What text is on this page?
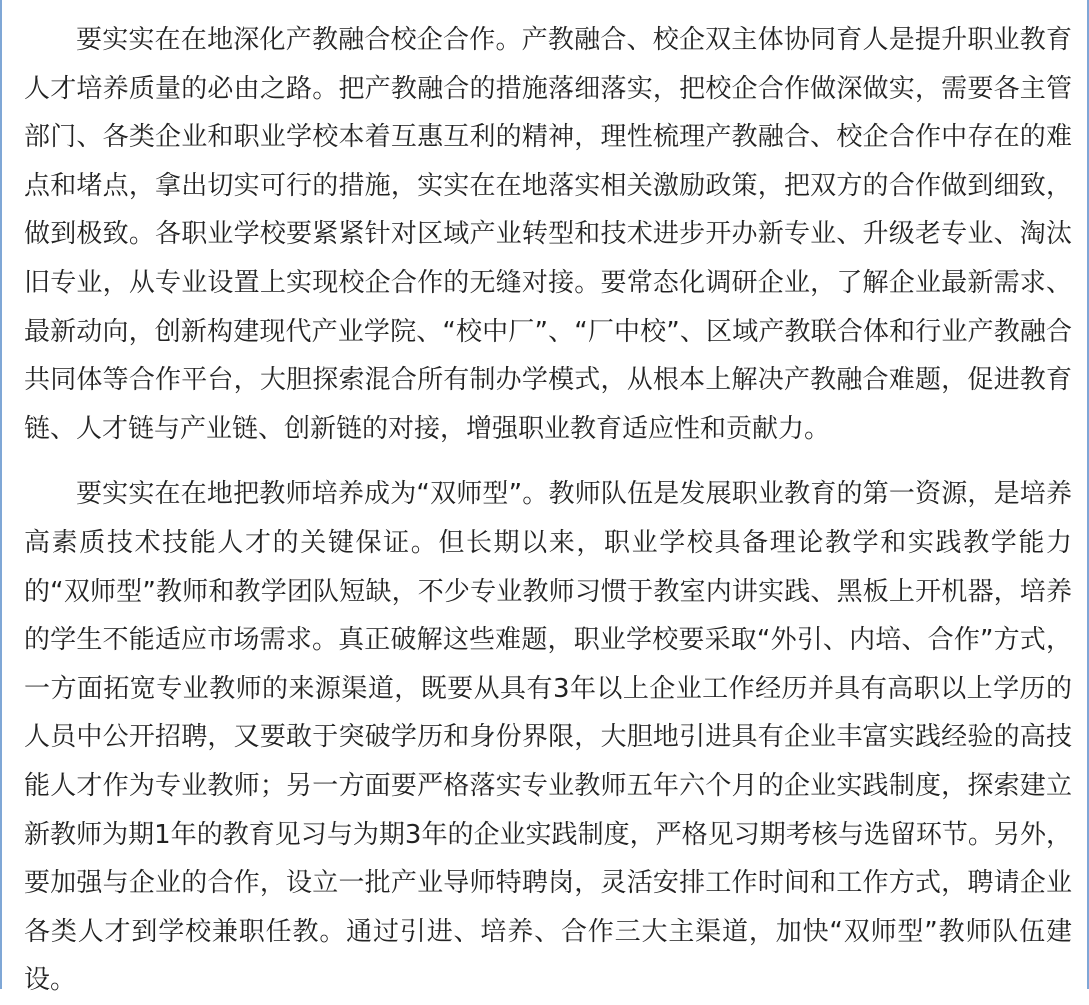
要实实在在地深化产教融合校企合作。产教融合、校企双主体协同育人是提升职业教育人才培养质量的必由之路。把产教融合的措施落细落实，把校企合作做深做实，需要各主管部门、各类企业和职业学校本着互惠互利的精神，理性梳理产教融合、校企合作中存在的难点和堵点，拿出切实可行的措施，实实在在地落实相关激励政策，把双方的合作做到细致，做到极致。各职业学校要紧紧针对区域产业转型和技术进步开办新专业、升级老专业、淘汰旧专业，从专业设置上实现校企合作的无缝对接。要常态化调研企业，了解企业最新需求、最新动向，创新构建现代产业学院、“校中厂”、“厂中校”、区域产教联合体和行业产教融合共同体等合作平台，大胆探索混合所有制办学模式，从根本上解决产教融合难题，促进教育链、人才链与产业链、创新链的对接，增强职业教育适应性和贡献力。

要实实在在地把教师培养成为“双师型”。教师队伍是发展职业教育的第一资源，是培养高素质技术技能人才的关键保证。但长期以来，职业学校具备理论教学和实践教学能力的“双师型”教师和教学团队短缺，不少专业教师习惯于教室内讲实践、黑板上开机器，培养的学生不能适应市场需求。真正破解这些难题，职业学校要采取“外引、内培、合作”方式，一方面拓宽专业教师的来源渠道，既要从具有3年以上企业工作经历并具有高职以上学历的人员中公开招聘，又要敢于突破学历和身份界限，大胆地引进具有企业丰富实践经验的高技能人才作为专业教师；另一方面要严格落实专业教师五年六个月的企业实践制度，探索建立新教师为期1年的教育见习与为期3年的企业实践制度，严格见习期考核与选留环节。另外，要加强与企业的合作，设立一批产业导师特聘岗，灵活安排工作时间和工作方式，聘请企业各类人才到学校兼职任教。通过引进、培养、合作三大主渠道，加快“双师型”教师队伍建设。
